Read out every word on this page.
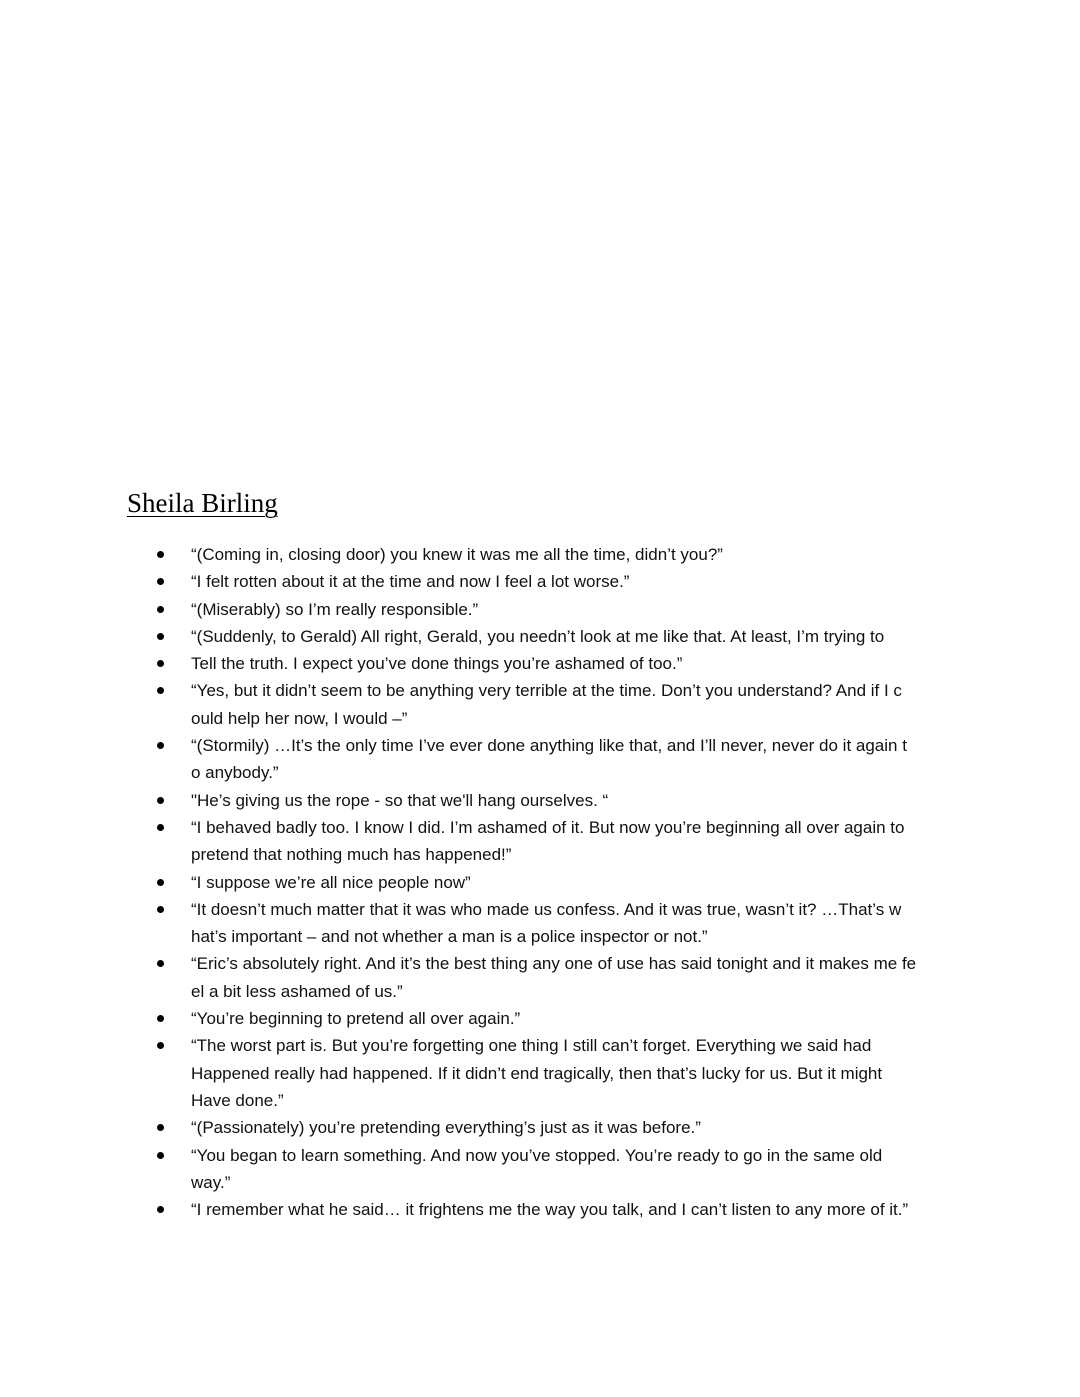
Sheila Birling
“(Coming in, closing door) you knew it was me all the time, didn’t you?”
“I felt rotten about it at the time and now I feel a lot worse.”
“(Miserably) so I’m really responsible.”
“(Suddenly, to Gerald) All right, Gerald, you needn’t look at me like that. At least, I’m trying to
Tell the truth. I expect you’ve done things you’re ashamed of too.”
“Yes, but it didn’t seem to be anything very terrible at the time. Don’t you understand? And if I c
ould help her now, I would –”
“(Stormily) …It’s the only time I’ve ever done anything like that, and I’ll never, never do it again t
o anybody.”
"He’s giving us the rope - so that we'll hang ourselves. “
“I behaved badly too. I know I did. I’m ashamed of it. But now you’re beginning all over again to
pretend that nothing much has happened!”
“I suppose we’re all nice people now”
“It doesn’t much matter that it was who made us confess. And it was true, wasn’t it? …That’s w
hat’s important – and not whether a man is a police inspector or not.”
“Eric’s absolutely right. And it’s the best thing any one of use has said tonight and it makes me fe
el a bit less ashamed of us.”
“You’re beginning to pretend all over again.”
“The worst part is. But you’re forgetting one thing I still can’t forget. Everything we said had
Happened really had happened. If it didn’t end tragically, then that’s lucky for us. But it might
Have done.”
“(Passionately) you’re pretending everything’s just as it was before.”
“You began to learn something. And now you’ve stopped. You’re ready to go in the same old
way.”
“I remember what he said… it frightens me the way you talk, and I can’t listen to any more of it.”
